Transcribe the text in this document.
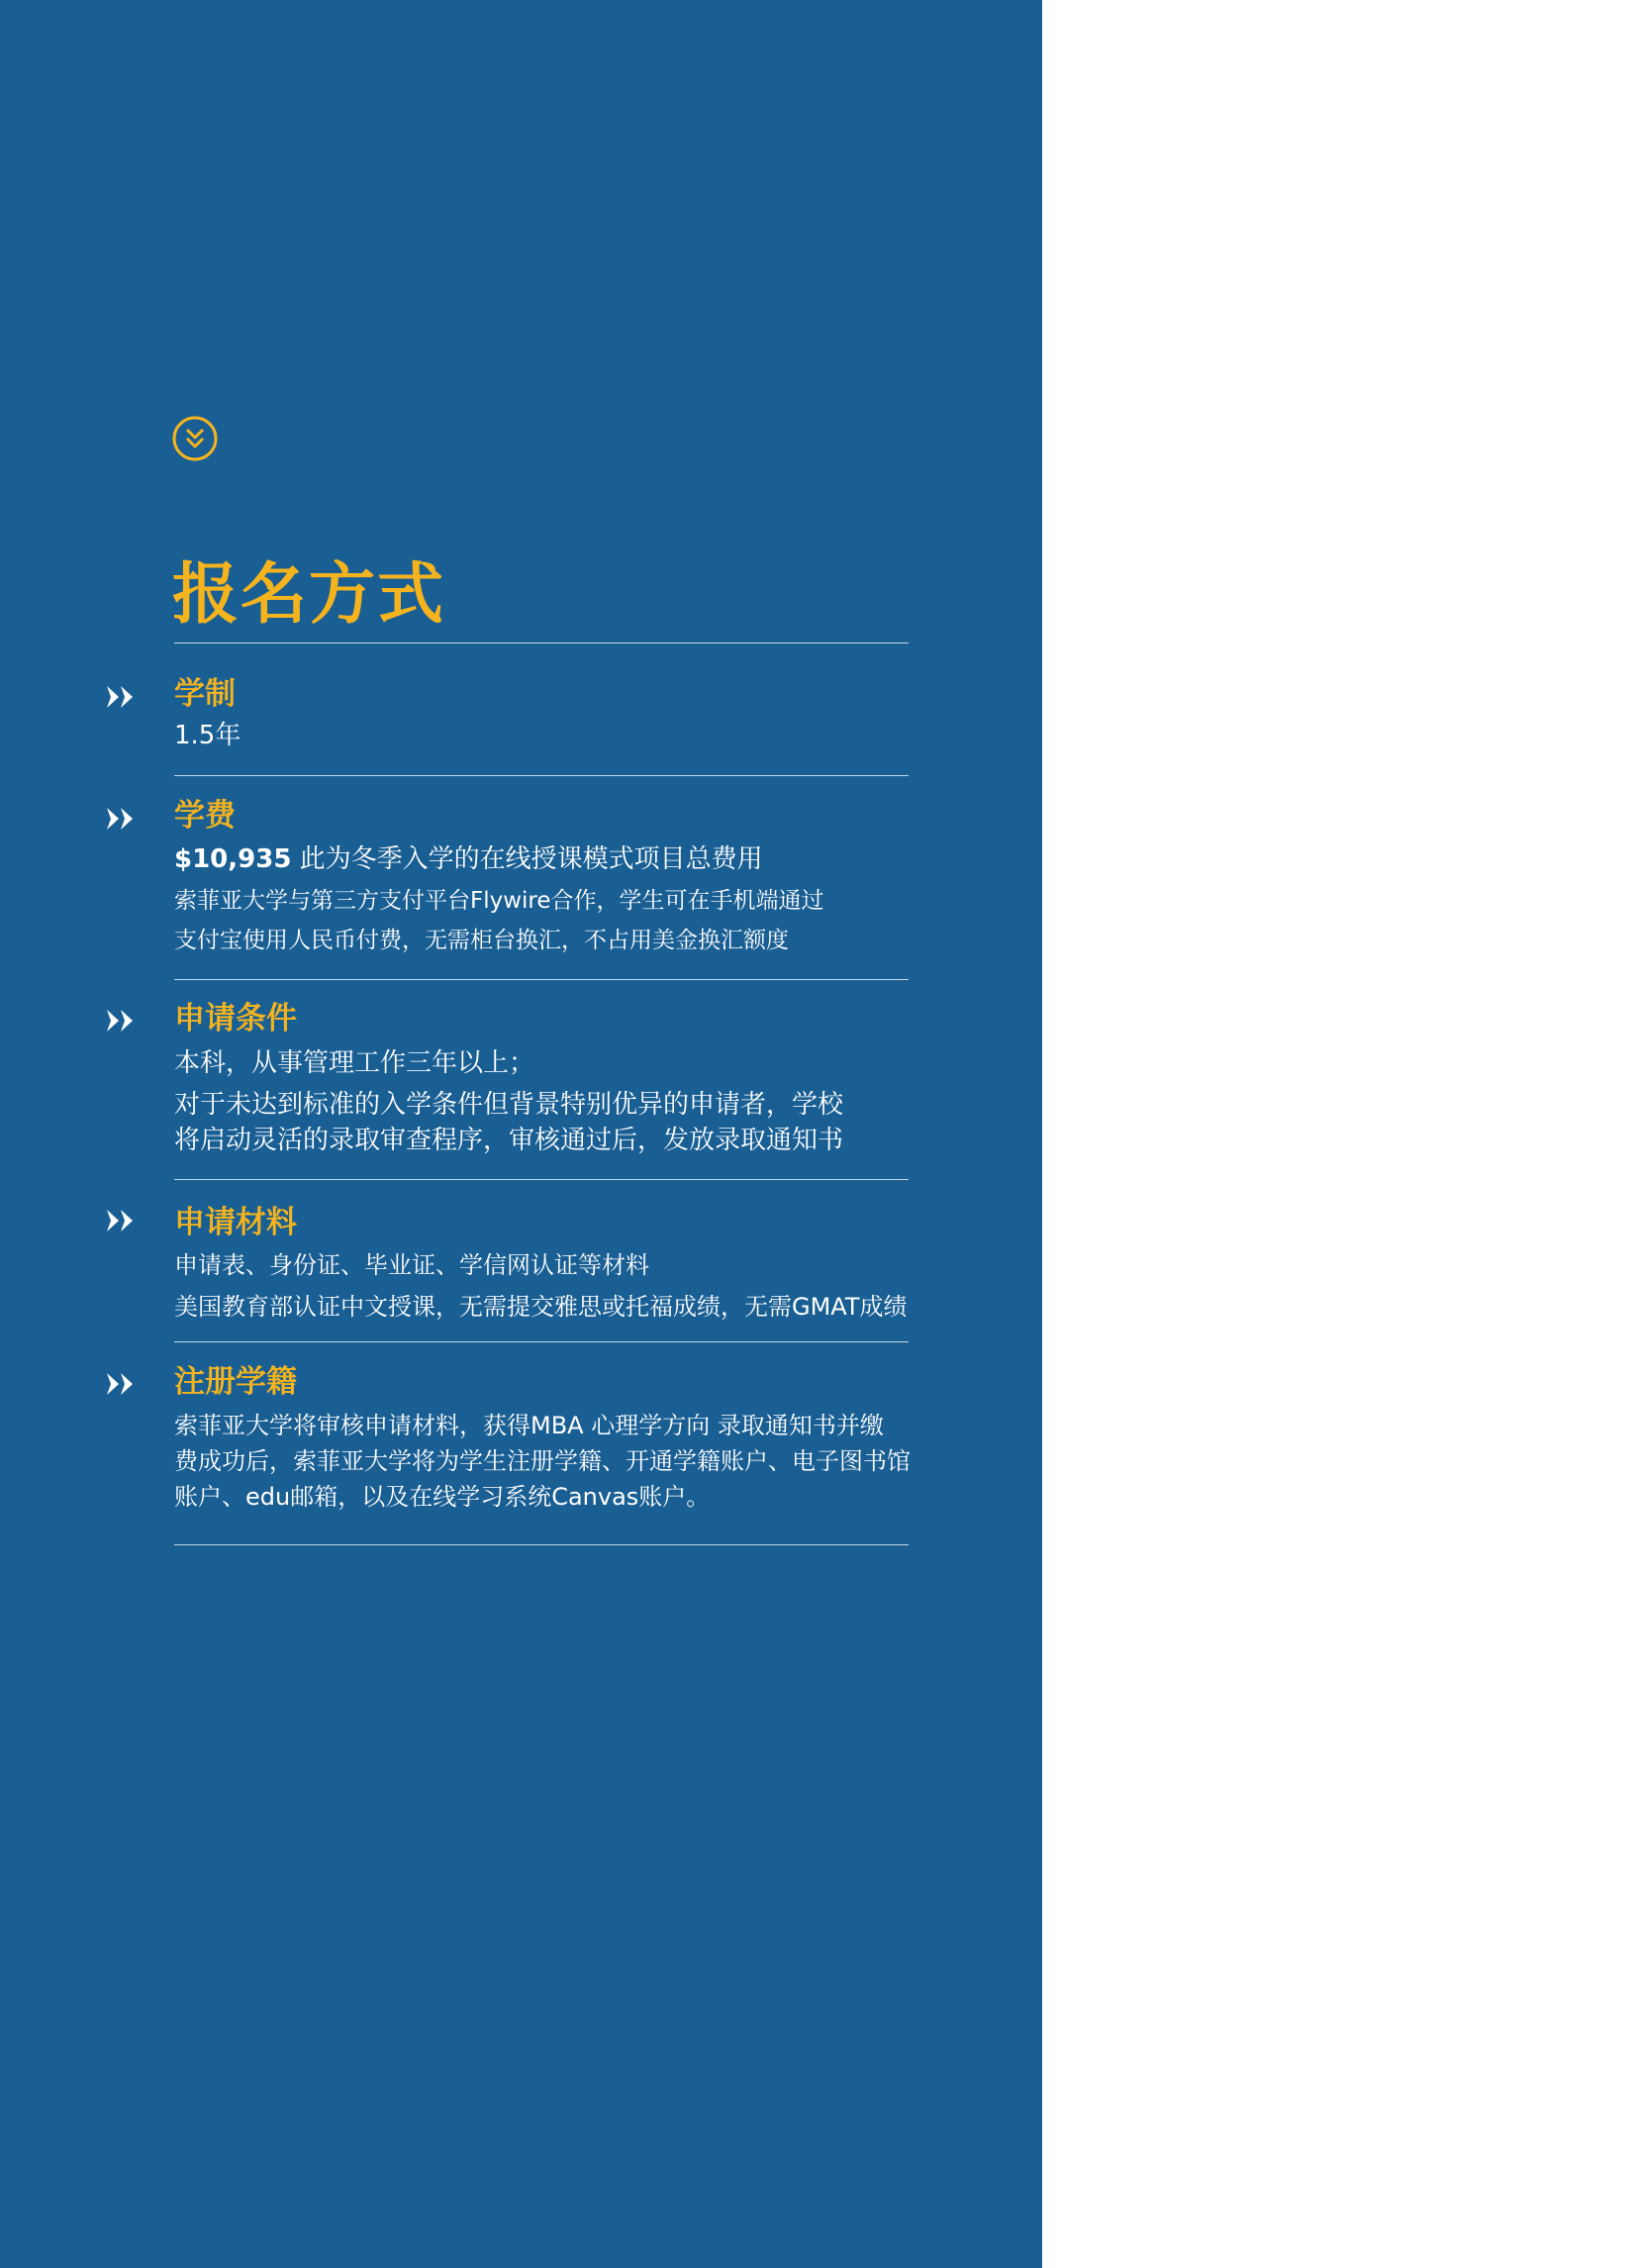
报名方式
学制
1.5年
学费
$10,935 此为冬季入学的在线授课模式项目总费用
索菲亚大学与第三方支付平台Flywire合作，学生可在手机端通过
支付宝使用人民币付费，无需柜台换汇，不占用美金换汇额度
申请条件
本科，从事管理工作三年以上；
对于未达到标准的入学条件但背景特别优异的申请者，学校
将启动灵活的录取审查程序，审核通过后，发放录取通知书
申请材料
申请表、身份证、毕业证、学信网认证等材料
美国教育部认证中文授课，无需提交雅思或托福成绩，无需GMAT成绩
注册学籍
索菲亚大学将审核申请材料，获得MBA 心理学方向 录取通知书并缴
费成功后，索菲亚大学将为学生注册学籍、开通学籍账户、电子图书馆
账户、edu邮箱，以及在线学习系统Canvas账户。
